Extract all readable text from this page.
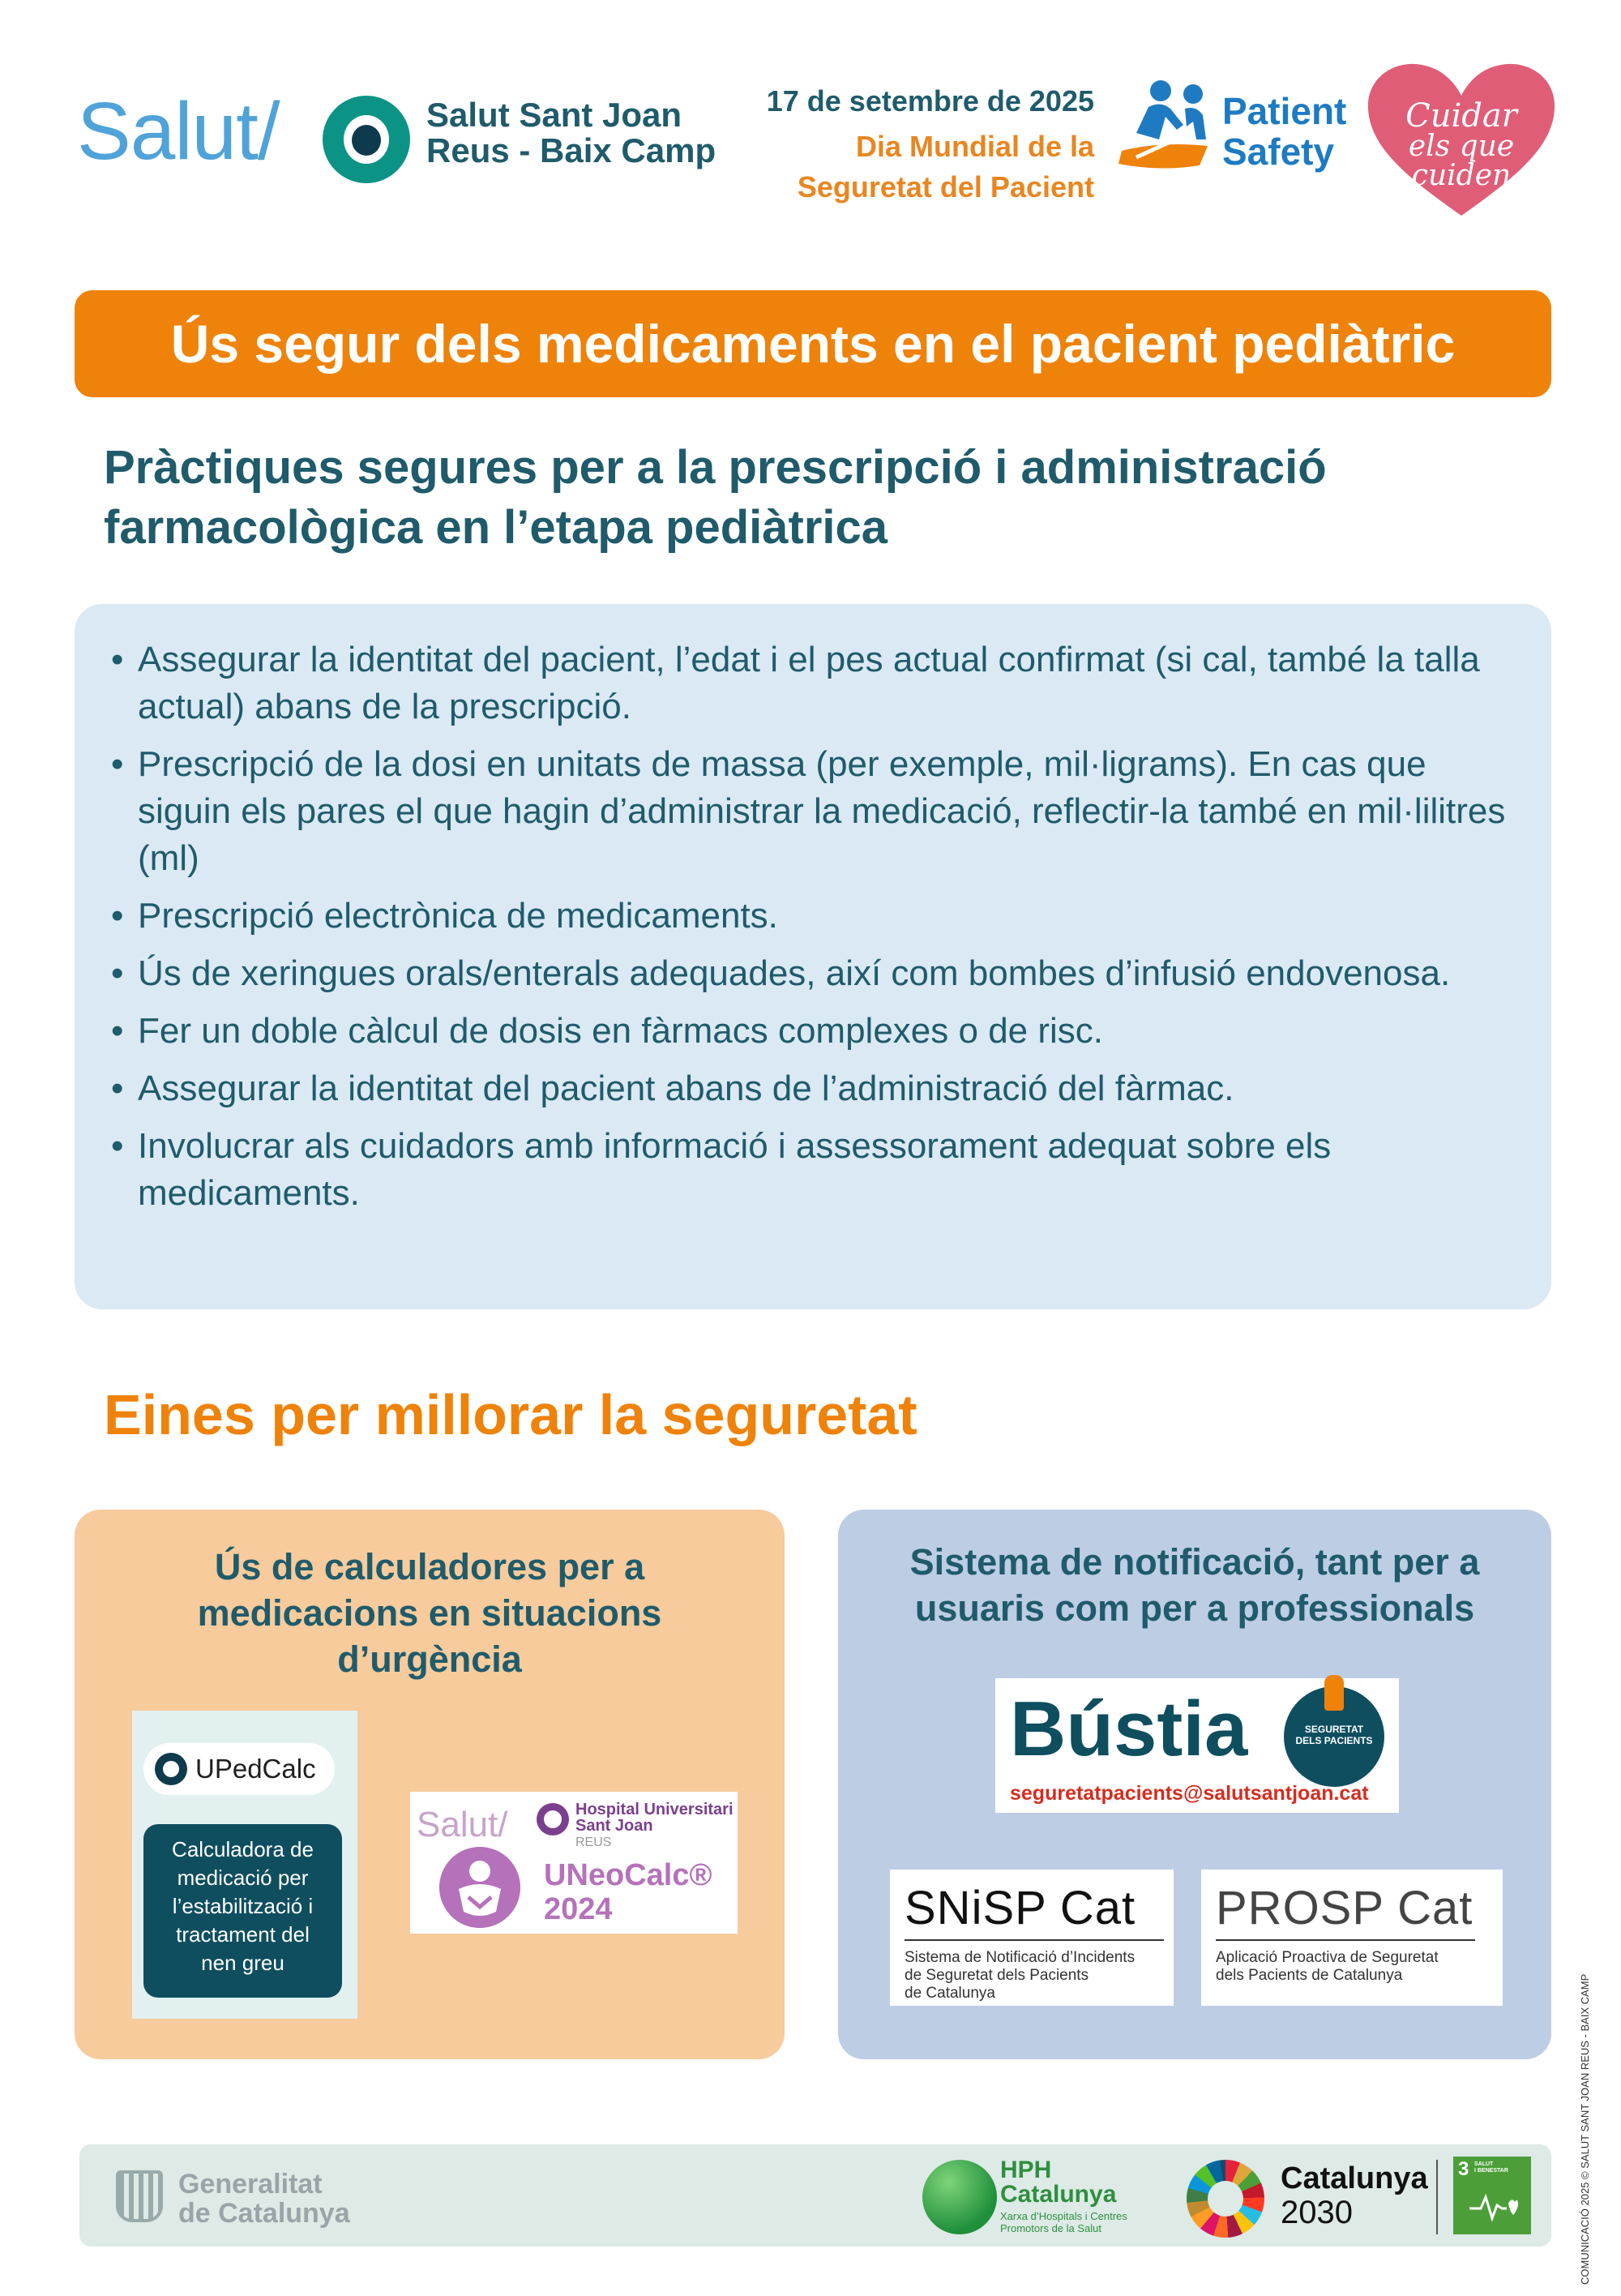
Salut/	Salut Sant Joan
Reus - Baix Camp
17 de setembre de 2025
Dia Mundial de la
Seguretat del Pacient
Patient
Safety
Cuidar
els que
cuiden
Ús segur dels medicaments en el pacient pediàtric
Pràctiques segures per a la prescripció i administració
farmacològica en l’etapa pediàtrica
• Assegurar la identitat del pacient, l’edat i el pes actual confirmat (si cal, també la talla actual) abans de la prescripció.
• Prescripció de la dosi en unitats de massa (per exemple, mil·ligrams). En cas que siguin els pares el que hagin d’administrar la medicació, reflectir-la també en mil·lilitres (ml)
• Prescripció electrònica de medicaments.
• Ús de xeringues orals/enterals adequades, així com bombes d’infusió endovenosa.
• Fer un doble càlcul de dosis en fàrmacs complexes o de risc.
• Assegurar la identitat del pacient abans de l’administració del fàrmac.
• Involucrar als cuidadors amb informació i assessorament adequat sobre els medicaments.
Eines per millorar la seguretat
Ús de calculadores per a
medicacions en situacions
d’urgència
UPedCalc
Calculadora de
medicació per
l’estabilització i
tractament del
nen greu
Salut/	Hospital Universitari
Sant Joan
REUS
UNeoCalc®
2024
Sistema de notificació, tant per a
usuaris com per a professionals
Bústia	SEGURETAT
DELS PACIENTS
seguretatpacients@salutsantjoan.cat
SNiSP Cat
Sistema de Notificació d’Incidents
de Seguretat dels Pacients
de Catalunya
PROSP Cat
Aplicació Proactiva de Seguretat
dels Pacients de Catalunya
Generalitat
de Catalunya
HPH
Catalunya
Xarxa d’Hospitals i Centres
Promotors de la Salut
Catalunya
2030
3 SALUT
I BENESTAR	COMUNICACIÓ 2025 © SALUT SANT JOAN REUS - BAIX CAMP
